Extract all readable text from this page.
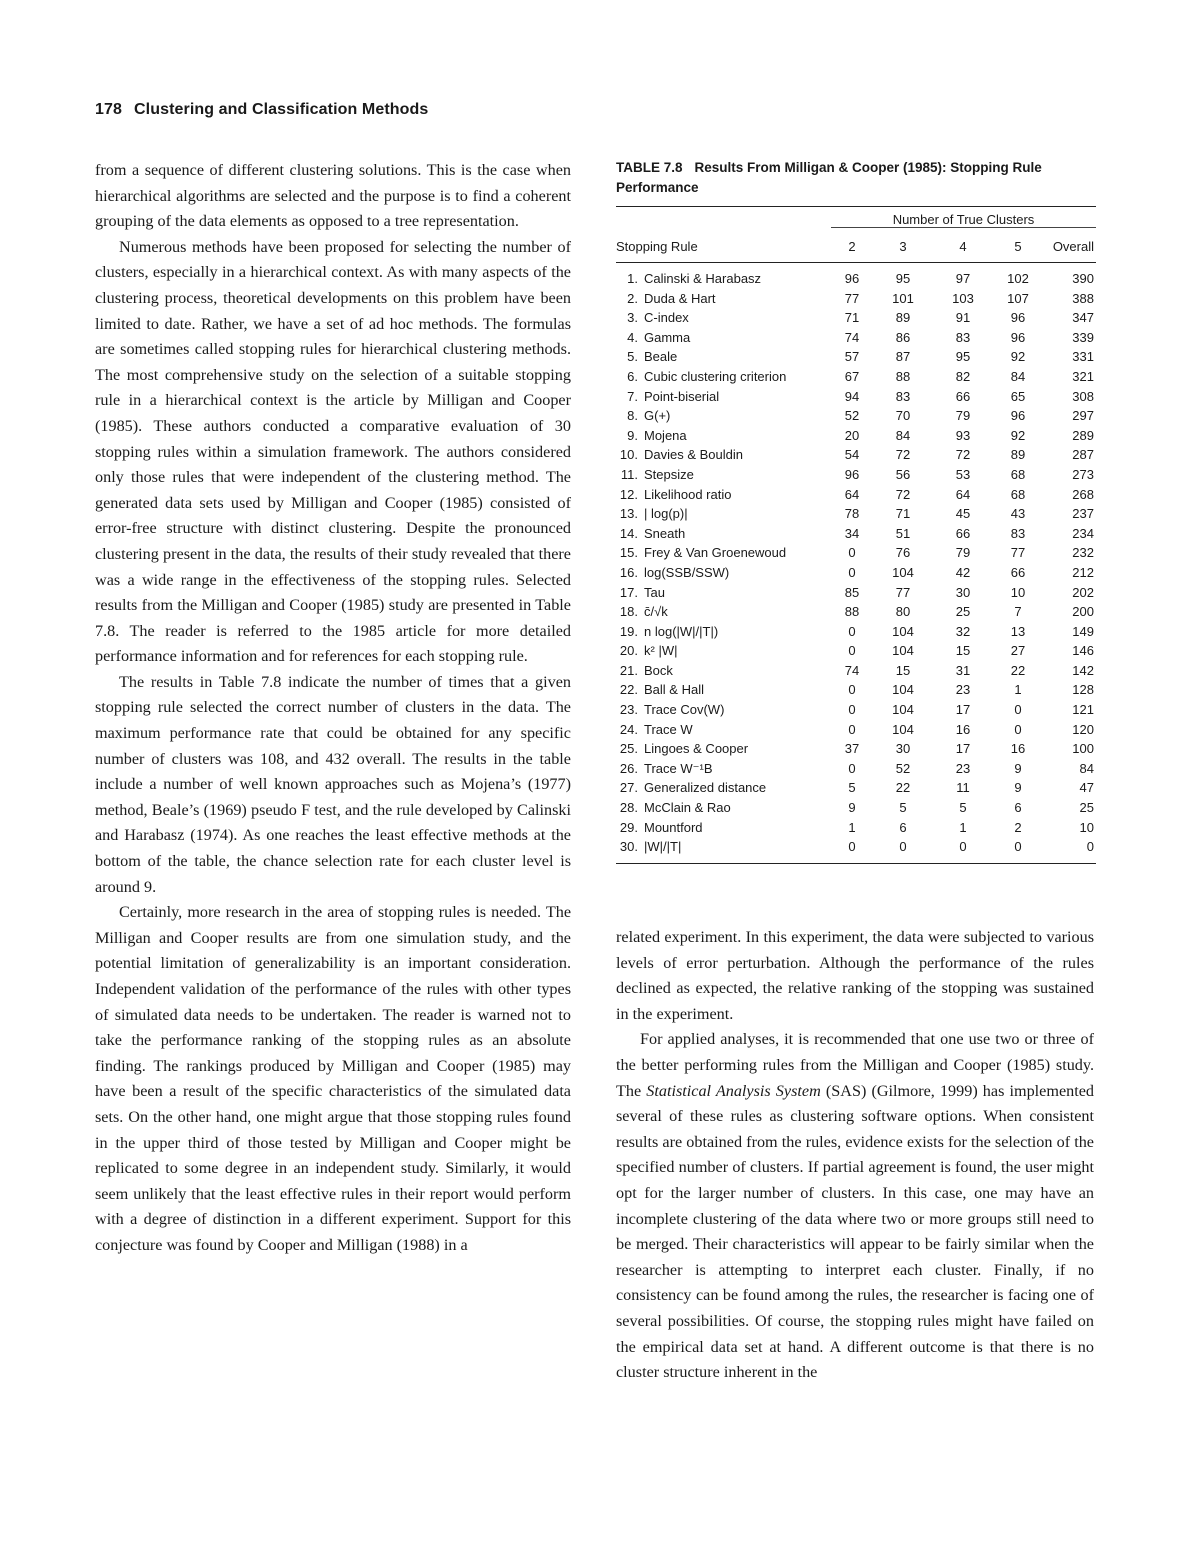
178 Clustering and Classification Methods

from a sequence of different clustering solutions. This is the case when hierarchical algorithms are selected and the purpose is to find a coherent grouping of the data elements as opposed to a tree representation.

Numerous methods have been proposed for selecting the number of clusters, especially in a hierarchical context. As with many aspects of the clustering process, theoretical developments on this problem have been limited to date. Rather, we have a set of ad hoc methods. The formulas are sometimes called stopping rules for hierarchical clustering methods. The most comprehensive study on the selection of a suitable stopping rule in a hierarchical context is the article by Milligan and Cooper (1985). These authors conducted a comparative evaluation of 30 stopping rules within a simulation framework. The authors considered only those rules that were independent of the clustering method. The generated data sets used by Milligan and Cooper (1985) consisted of error-free structure with distinct clustering. Despite the pronounced clustering present in the data, the results of their study revealed that there was a wide range in the effectiveness of the stopping rules. Selected results from the Milligan and Cooper (1985) study are presented in Table 7.8. The reader is referred to the 1985 article for more detailed performance information and for references for each stopping rule.

The results in Table 7.8 indicate the number of times that a given stopping rule selected the correct number of clusters in the data. The maximum performance rate that could be obtained for any specific number of clusters was 108, and 432 overall. The results in the table include a number of well known approaches such as Mojena’s (1977) method, Beale’s (1969) pseudo F test, and the rule developed by Calinski and Harabasz (1974). As one reaches the least effective methods at the bottom of the table, the chance selection rate for each cluster level is around 9.

Certainly, more research in the area of stopping rules is needed. The Milligan and Cooper results are from one simulation study, and the potential limitation of generalizability is an important consideration. Independent validation of the performance of the rules with other types of simulated data needs to be undertaken. The reader is warned not to take the performance ranking of the stopping rules as an absolute finding. The rankings produced by Milligan and Cooper (1985) may have been a result of the specific characteristics of the simulated data sets. On the other hand, one might argue that those stopping rules found in the upper third of those tested by Milligan and Cooper might be replicated to some degree in an independent study. Similarly, it would seem unlikely that the least effective rules in their report would perform with a degree of distinction in a different experiment. Support for this conjecture was found by Cooper and Milligan (1988) in a

TABLE 7.8 Results From Milligan & Cooper (1985): Stopping Rule Performance

	Number of True Clusters				

Stopping Rule	2	3	4	5	Overall
1. Calinski & Harabasz	96	95	97	102	390
2. Duda & Hart	77	101	103	107	388
3. C-index	71	89	91	96	347
4. Gamma	74	86	83	96	339
5. Beale	57	87	95	92	331
6. Cubic clustering criterion	67	88	82	84	321
7. Point-biserial	94	83	66	65	308
8. G(+)	52	70	79	96	297
9. Mojena	20	84	93	92	289
10. Davies & Bouldin	54	72	72	89	287
11. Stepsize	96	56	53	68	273
12. Likelihood ratio	64	72	64	68	268
13. | log(p)|	78	71	45	43	237
14. Sneath	34	51	66	83	234
15. Frey & Van Groenewoud	0	76	79	77	232
16. log(SSB/SSW)	0	104	42	66	212
17. Tau	85	77	30	10	202
18. c̄/√k	88	80	25	7	200
19. n log(|W|/|T|)	0	104	32	13	149
20. k² |W|	0	104	15	27	146
21. Bock	74	15	31	22	142
22. Ball & Hall	0	104	23	1	128
23. Trace Cov(W)	0	104	17	0	121
24. Trace W	0	104	16	0	120
25. Lingoes & Cooper	37	30	17	16	100
26. Trace W⁻¹B	0	52	23	9	84
27. Generalized distance	5	22	11	9	47
28. McClain & Rao	9	5	5	6	25
29. Mountford	1	6	1	2	10
30. |W|/|T|	0	0	0	0	0

related experiment. In this experiment, the data were subjected to various levels of error perturbation. Although the performance of the rules declined as expected, the relative ranking of the stopping was sustained in the experiment.

For applied analyses, it is recommended that one use two or three of the better performing rules from the Milligan and Cooper (1985) study. The Statistical Analysis System (SAS) (Gilmore, 1999) has implemented several of these rules as clustering software options. When consistent results are obtained from the rules, evidence exists for the selection of the specified number of clusters. If partial agreement is found, the user might opt for the larger number of clusters. In this case, one may have an incomplete clustering of the data where two or more groups still need to be merged. Their characteristics will appear to be fairly similar when the researcher is attempting to interpret each cluster. Finally, if no consistency can be found among the rules, the researcher is facing one of several possibilities. Of course, the stopping rules might have failed on the empirical data set at hand. A different outcome is that there is no cluster structure inherent in the
